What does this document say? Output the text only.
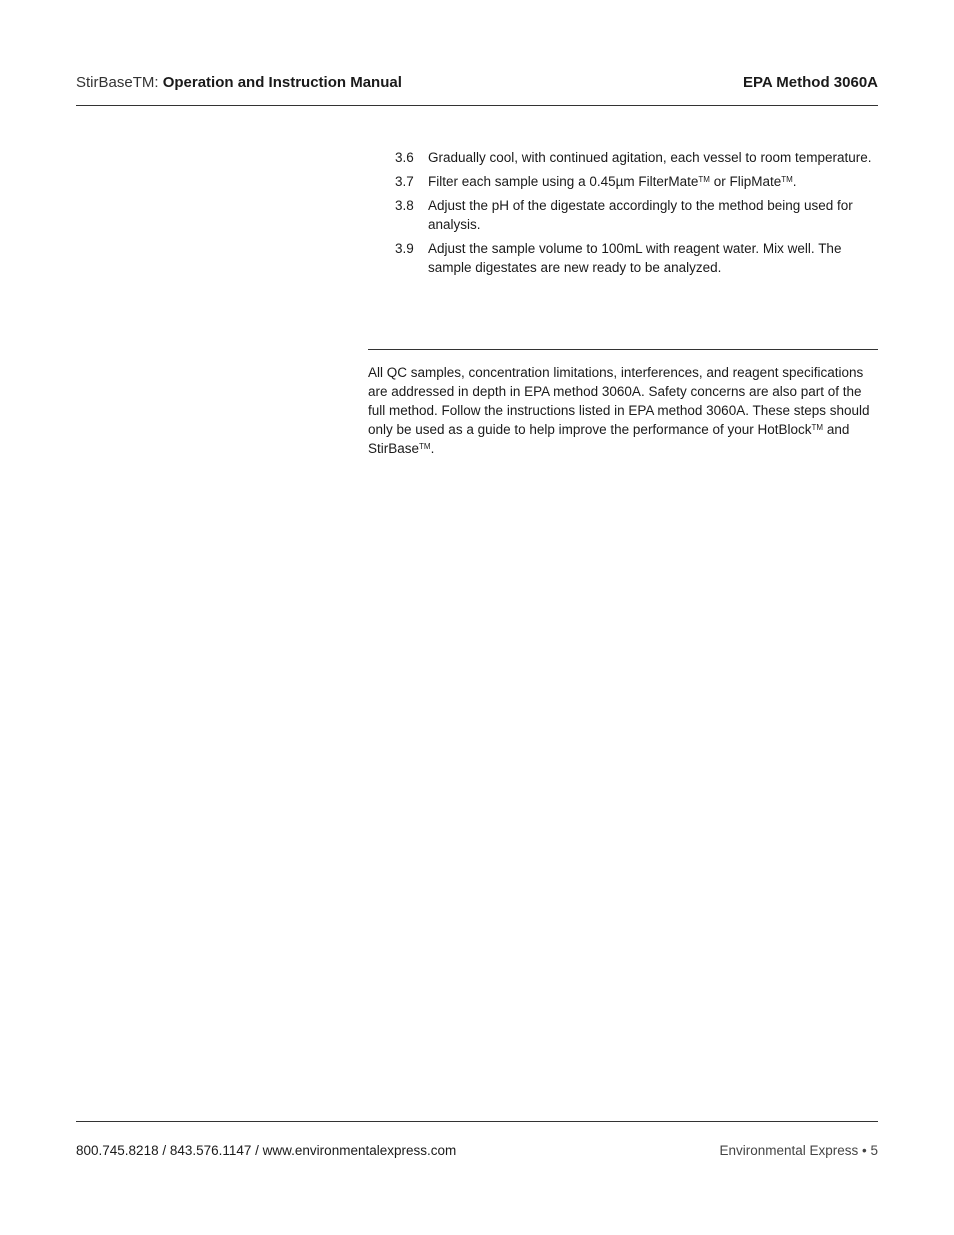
StirBaseTM: Operation and Instruction Manual	EPA Method 3060A
3.6	Gradually cool, with continued agitation, each vessel to room temperature.
3.7	Filter each sample using a 0.45µm FilterMate™ or FlipMate™.
3.8	Adjust the pH of the digestate accordingly to the method being used for analysis.
3.9	Adjust the sample volume to 100mL with reagent water. Mix well. The sample digestates are new ready to be analyzed.
All QC samples, concentration limitations, interferences, and reagent specifications are addressed in depth in EPA method 3060A. Safety concerns are also part of the full method. Follow the instructions listed in EPA method 3060A. These steps should only be used as a guide to help improve the performance of your HotBlock™ and StirBase™.
800.745.8218 / 843.576.1147 / www.environmentalexpress.com	Environmental Express • 5
